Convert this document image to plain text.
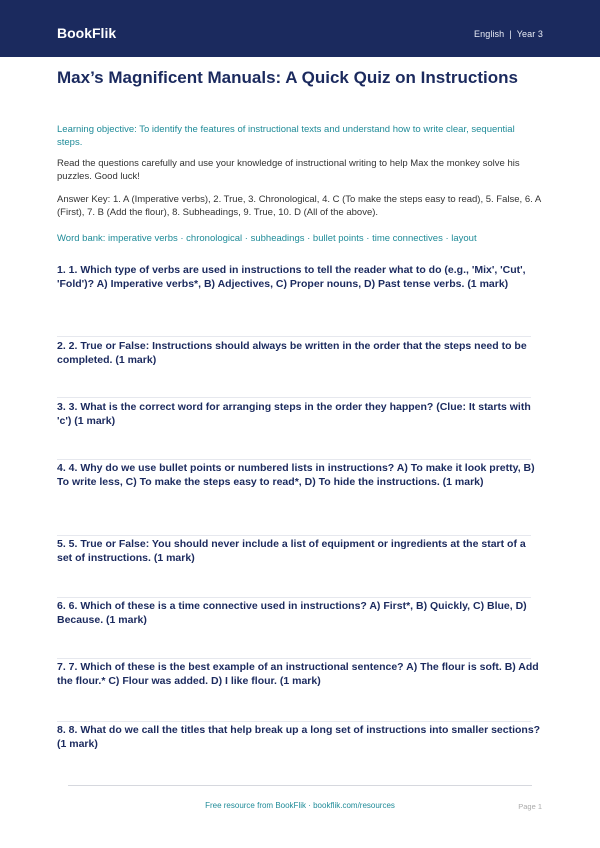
BookFlik	English | Year 3
Max’s Magnificent Manuals: A Quick Quiz on Instructions

Learning objective: To identify the features of instructional texts and understand how to write clear, sequential steps.

Read the questions carefully and use your knowledge of instructional writing to help Max the monkey solve his puzzles. Good luck!

Answer Key: 1. A (Imperative verbs), 2. True, 3. Chronological, 4. C (To make the steps easy to read), 5. False, 6. A (First), 7. B (Add the flour), 8. Subheadings, 9. True, 10. D (All of the above).

Word bank: imperative verbs · chronological · subheadings · bullet points · time connectives · layout

1. 1. Which type of verbs are used in instructions to tell the reader what to do (e.g., 'Mix', 'Cut', 'Fold')? A) Imperative verbs*, B) Adjectives, C) Proper nouns, D) Past tense verbs. (1 mark)

2. 2. True or False: Instructions should always be written in the order that the steps need to be completed. (1 mark)

3. 3. What is the correct word for arranging steps in the order they happen? (Clue: It starts with 'c') (1 mark)

4. 4. Why do we use bullet points or numbered lists in instructions? A) To make it look pretty, B) To write less, C) To make the steps easy to read*, D) To hide the instructions. (1 mark)

5. 5. True or False: You should never include a list of equipment or ingredients at the start of a set of instructions. (1 mark)

6. 6. Which of these is a time connective used in instructions? A) First*, B) Quickly, C) Blue, D) Because. (1 mark)

7. 7. Which of these is the best example of an instructional sentence? A) The flour is soft. B) Add the flour.* C) Flour was added. D) I like flour. (1 mark)

8. 8. What do we call the titles that help break up a long set of instructions into smaller sections? (1 mark)

Free resource from BookFlik · bookflik.com/resources	Page 1
